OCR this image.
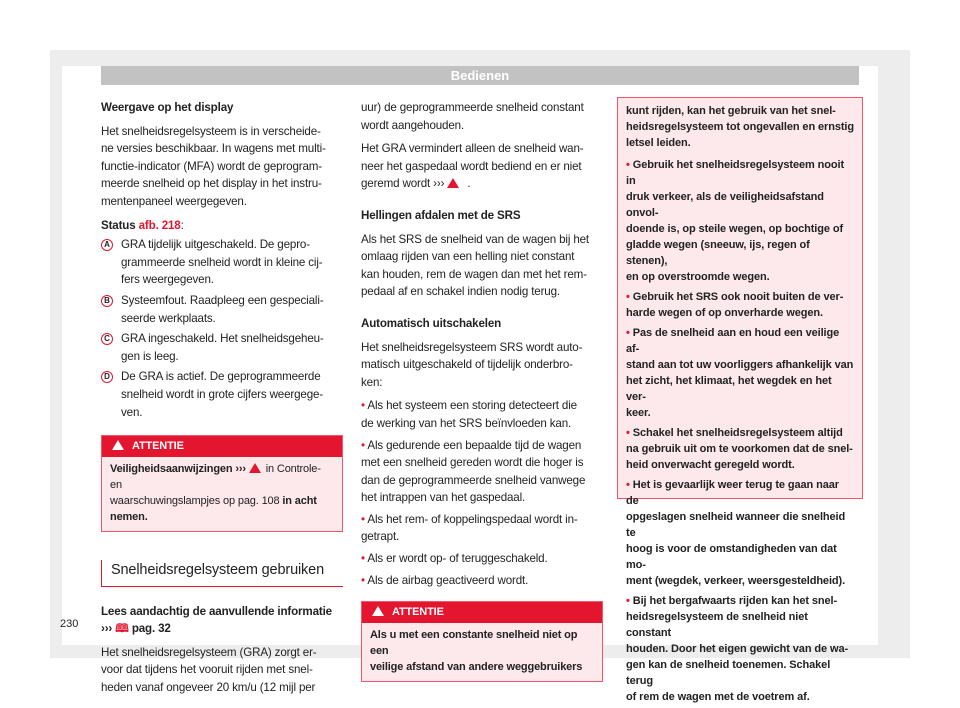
Bedienen

Weergave op het display

Het snelheidsregelsysteem is in verscheide-
ne versies beschikbaar. In wagens met multi-
functie-indicator (MFA) wordt de geprogram-
meerde snelheid op het display in het instru-
mentenpaneel weergegeven.

Status afb. 218:

A GRA tijdelijk uitgeschakeld. De gepro-
grammeerde snelheid wordt in kleine cij-
fers weergegeven.
B Systeemfout. Raadpleeg een gespeciali-
seerde werkplaats.
C GRA ingeschakeld. Het snelheidsgeheu-
gen is leeg.
D De GRA is actief. De geprogrammeerde
snelheid wordt in grote cijfers weergege-
ven.
ATTENTIE
Veiligheidsaanwijzingen ›››  in Controle- en
waarschuwingslampjes op pag. 108 in acht
nemen.
Snelheidsregelsysteem gebruiken

Lees aandachtig de aanvullende informatie

››› 🕮 pag. 32

Het snelheidsregelsysteem (GRA) zorgt er-
voor dat tijdens het vooruit rijden met snel-
heden vanaf ongeveer 20 km/u (12 mijl per

uur) de geprogrammeerde snelheid constant
wordt aangehouden.

Het GRA vermindert alleen de snelheid wan-
neer het gaspedaal wordt bediend en er niet
geremd wordt ››› .

Hellingen afdalen met de SRS

Als het SRS de snelheid van de wagen bij het
omlaag rijden van een helling niet constant
kan houden, rem de wagen dan met het rem-
pedaal af en schakel indien nodig terug.

Automatisch uitschakelen

Het snelheidsregelsysteem SRS wordt auto-
matisch uitgeschakeld of tijdelijk onderbro-
ken:

• Als het systeem een storing detecteert die
de werking van het SRS beïnvloeden kan.
• Als gedurende een bepaalde tijd de wagen
met een snelheid gereden wordt die hoger is
dan de geprogrammeerde snelheid vanwege
het intrappen van het gaspedaal.
• Als het rem- of koppelingspedaal wordt in-
getrapt.
• Als er wordt op- of teruggeschakeld.
• Als de airbag geactiveerd wordt.
ATTENTIE
Als u met een constante snelheid niet op een
veilige afstand van andere weggebruikers

kunt rijden, kan het gebruik van het snel-
heidsregelsysteem tot ongevallen en ernstig
letsel leiden.

• Gebruik het snelheidsregelsysteem nooit in
druk verkeer, als de veiligheidsafstand onvol-
doende is, op steile wegen, op bochtige of
gladde wegen (sneeuw, ijs, regen of stenen),
en op overstroomde wegen.
• Gebruik het SRS ook nooit buiten de ver-
harde wegen of op onverharde wegen.
• Pas de snelheid aan en houd een veilige af-
stand aan tot uw voorliggers afhankelijk van
het zicht, het klimaat, het wegdek en het ver-
keer.
• Schakel het snelheidsregelsysteem altijd
na gebruik uit om te voorkomen dat de snel-
heid onverwacht geregeld wordt.
• Het is gevaarlijk weer terug te gaan naar de
opgeslagen snelheid wanneer die snelheid te
hoog is voor de omstandigheden van dat mo-
ment (wegdek, verkeer, weersgesteldheid).
• Bij het bergafwaarts rijden kan het snel-
heidsregelsysteem de snelheid niet constant
houden. Door het eigen gewicht van de wa-
gen kan de snelheid toenemen. Schakel terug
of rem de wagen met de voetrem af.
230
